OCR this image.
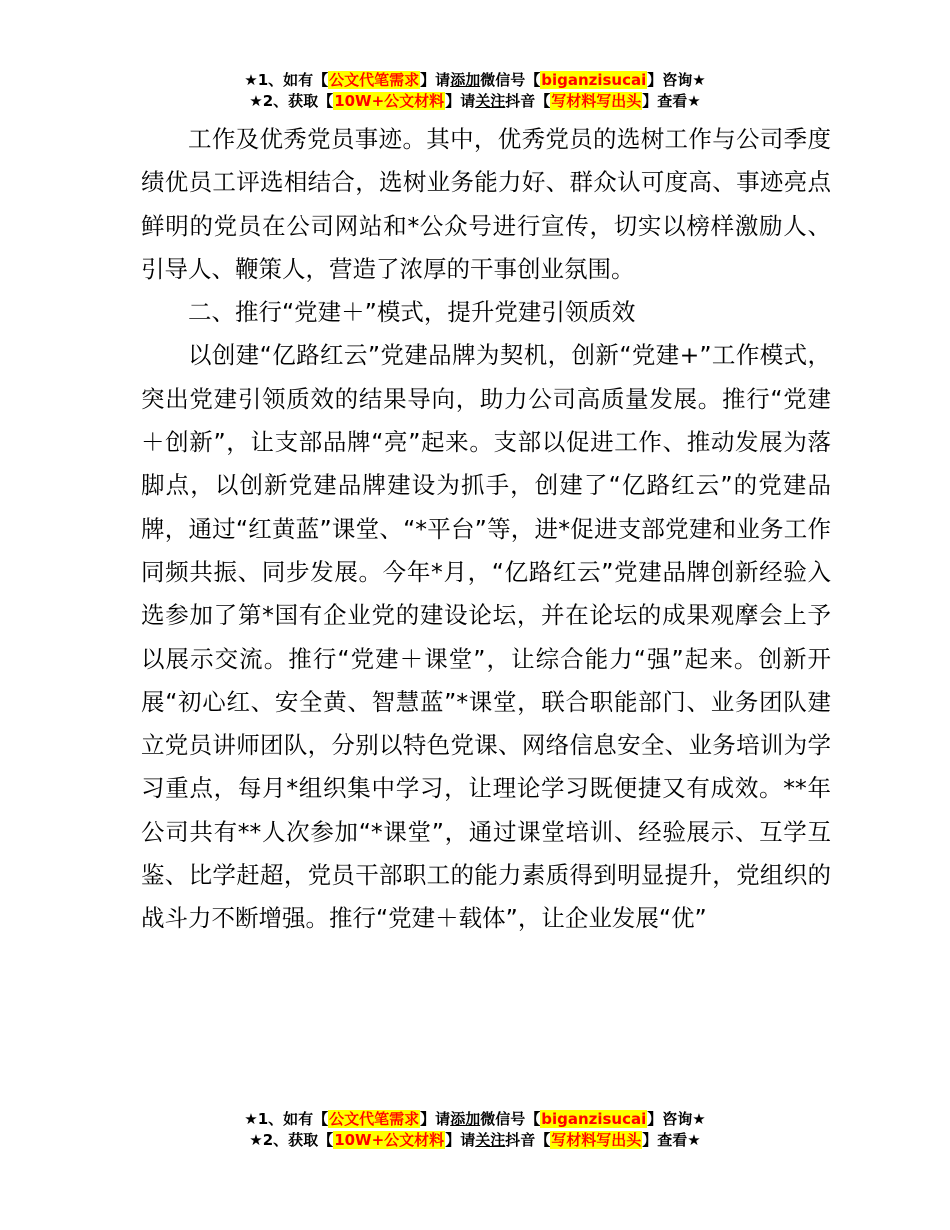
★1、如有【公文代笔需求】请添加微信号【biganzisucai】咨询★
★2、获取【10W+公文材料】请关注抖音【写材料写出头】查看★

工作及优秀党员事迹。其中，优秀党员的选树工作与公司季度绩优员工评选相结合，选树业务能力好、群众认可度高、事迹亮点鲜明的党员在公司网站和*公众号进行宣传，切实以榜样激励人、引导人、鞭策人，营造了浓厚的干事创业氛围。

二、推行“党建＋”模式，提升党建引领质效

以创建“亿路红云”党建品牌为契机，创新“党建+”工作模式，突出党建引领质效的结果导向，助力公司高质量发展。推行“党建＋创新”，让支部品牌“亮”起来。支部以促进工作、推动发展为落脚点，以创新党建品牌建设为抓手，创建了“亿路红云”的党建品牌，通过“红黄蓝”课堂、“*平台”等，进*促进支部党建和业务工作同频共振、同步发展。今年*月，“亿路红云”党建品牌创新经验入选参加了第*国有企业党的建设论坛，并在论坛的成果观摩会上予以展示交流。推行“党建＋课堂”，让综合能力“强”起来。创新开展“初心红、安全黄、智慧蓝”*课堂，联合职能部门、业务团队建立党员讲师团队，分别以特色党课、网络信息安全、业务培训为学习重点，每月*组织集中学习，让理论学习既便捷又有成效。**年公司共有**人次参加“*课堂”，通过课堂培训、经验展示、互学互鉴、比学赶超，党员干部职工的能力素质得到明显提升，党组织的战斗力不断增强。推行“党建＋载体”，让企业发展“优”

★1、如有【公文代笔需求】请添加微信号【biganzisucai】咨询★
★2、获取【10W+公文材料】请关注抖音【写材料写出头】查看★
